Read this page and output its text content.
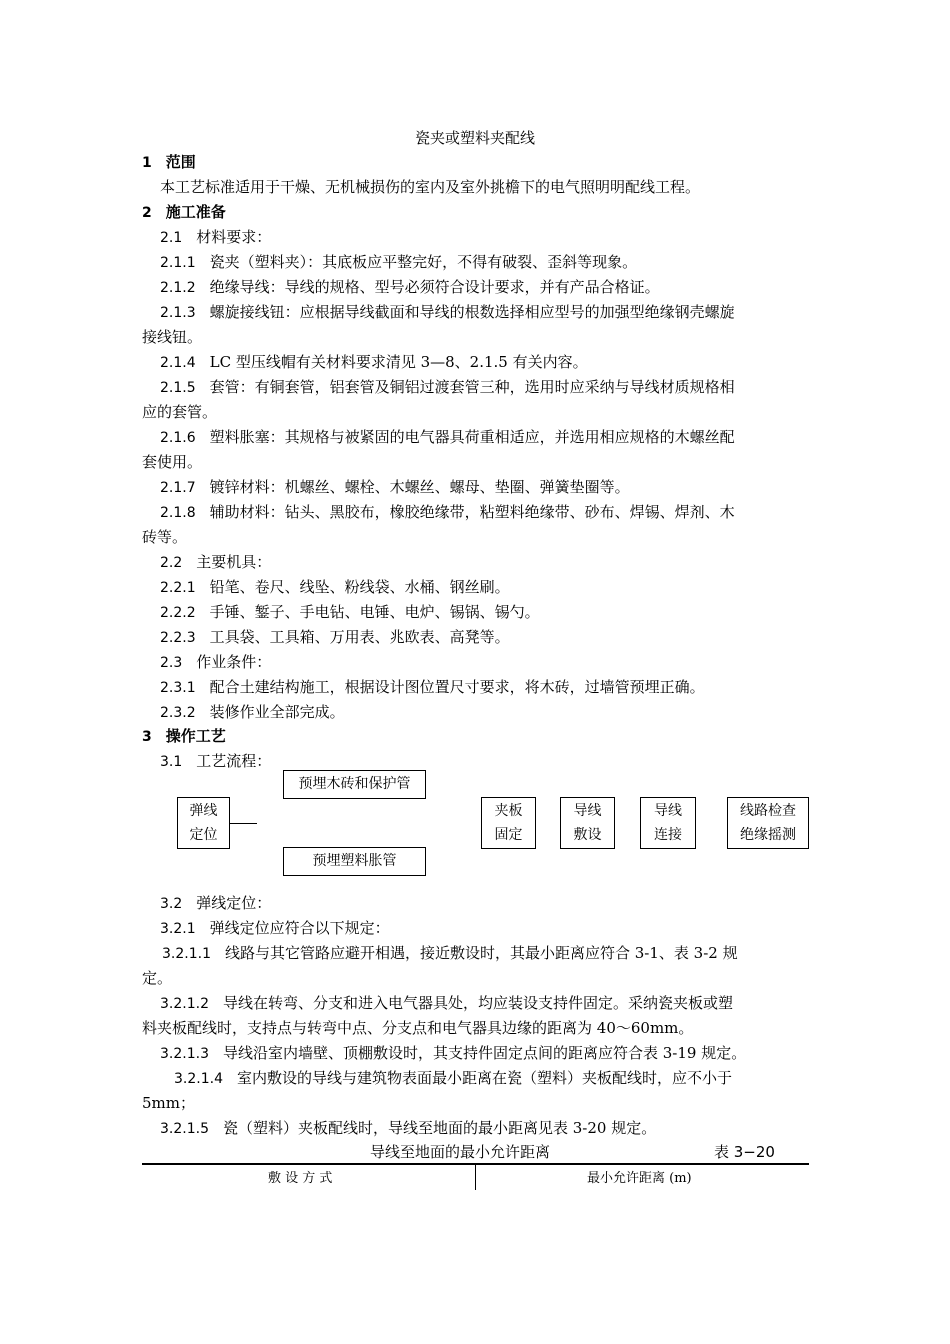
瓷夹或塑料夹配线
1 范围
本工艺标准适用于干燥、无机械损伤的室内及室外挑檐下的电气照明明配线工程。
2 施工准备
2.1 材料要求：
2.1.1 瓷夹（塑料夹）：其底板应平整完好，不得有破裂、歪斜等现象。
2.1.2 绝缘导线：导线的规格、型号必须符合设计要求，并有产品合格证。
2.1.3 螺旋接线钮：应根据导线截面和导线的根数选择相应型号的加强型绝缘钢壳螺旋
接线钮。
2.1.4 LC 型压线帽有关材料要求清见 3—8、2.1.5 有关内容。
2.1.5 套管：有铜套管，铝套管及铜铝过渡套管三种，选用时应采纳与导线材质规格相
应的套管。
2.1.6 塑料胀塞：其规格与被紧固的电气器具荷重相适应，并选用相应规格的木螺丝配
套使用。
2.1.7 镀锌材料：机螺丝、螺栓、木螺丝、螺母、垫圈、弹簧垫圈等。
2.1.8 辅助材料：钻头、黑胶布，橡胶绝缘带，粘塑料绝缘带、砂布、焊锡、焊剂、木
砖等。
2.2 主要机具：
2.2.1 铅笔、卷尺、线坠、粉线袋、水桶、钢丝刷。
2.2.2 手锤、錾子、手电钻、电锤、电炉、锡锅、锡勺。
2.2.3 工具袋、工具箱、万用表、兆欧表、高凳等。
2.3 作业条件：
2.3.1 配合土建结构施工，根据设计图位置尺寸要求，将木砖，过墙管预埋正确。
2.3.2 装修作业全部完成。
3 操作工艺
3.1 工艺流程：
3.2 弹线定位：
3.2.1 弹线定位应符合以下规定：
3.2.1.1 线路与其它管路应避开相遇，接近敷设时，其最小距离应符合 3-1、表 3-2 规
定。
3.2.1.2 导线在转弯、分支和进入电气器具处，均应装设支持件固定。采纳瓷夹板或塑
料夹板配线时，支持点与转弯中点、分支点和电气器具边缘的距离为 40～60mm。
3.2.1.3 导线沿室内墙壁、顶棚敷设时，其支持件固定点间的距离应符合表 3-19 规定。
3.2.1.4 室内敷设的导线与建筑物表面最小距离在瓷（塑料）夹板配线时，应不小于
5mm；
3.2.1.5 瓷（塑料）夹板配线时，导线至地面的最小距离见表 3-20 规定。
弹线
定位
预埋木砖和保护管
预埋塑料胀管
夹板
固定
导线
敷设
导线
连接
线路检查
绝缘摇测
导线至地面的最小允许距离	表 3−20
敷 设 方 式	最小允许距离 (m)
